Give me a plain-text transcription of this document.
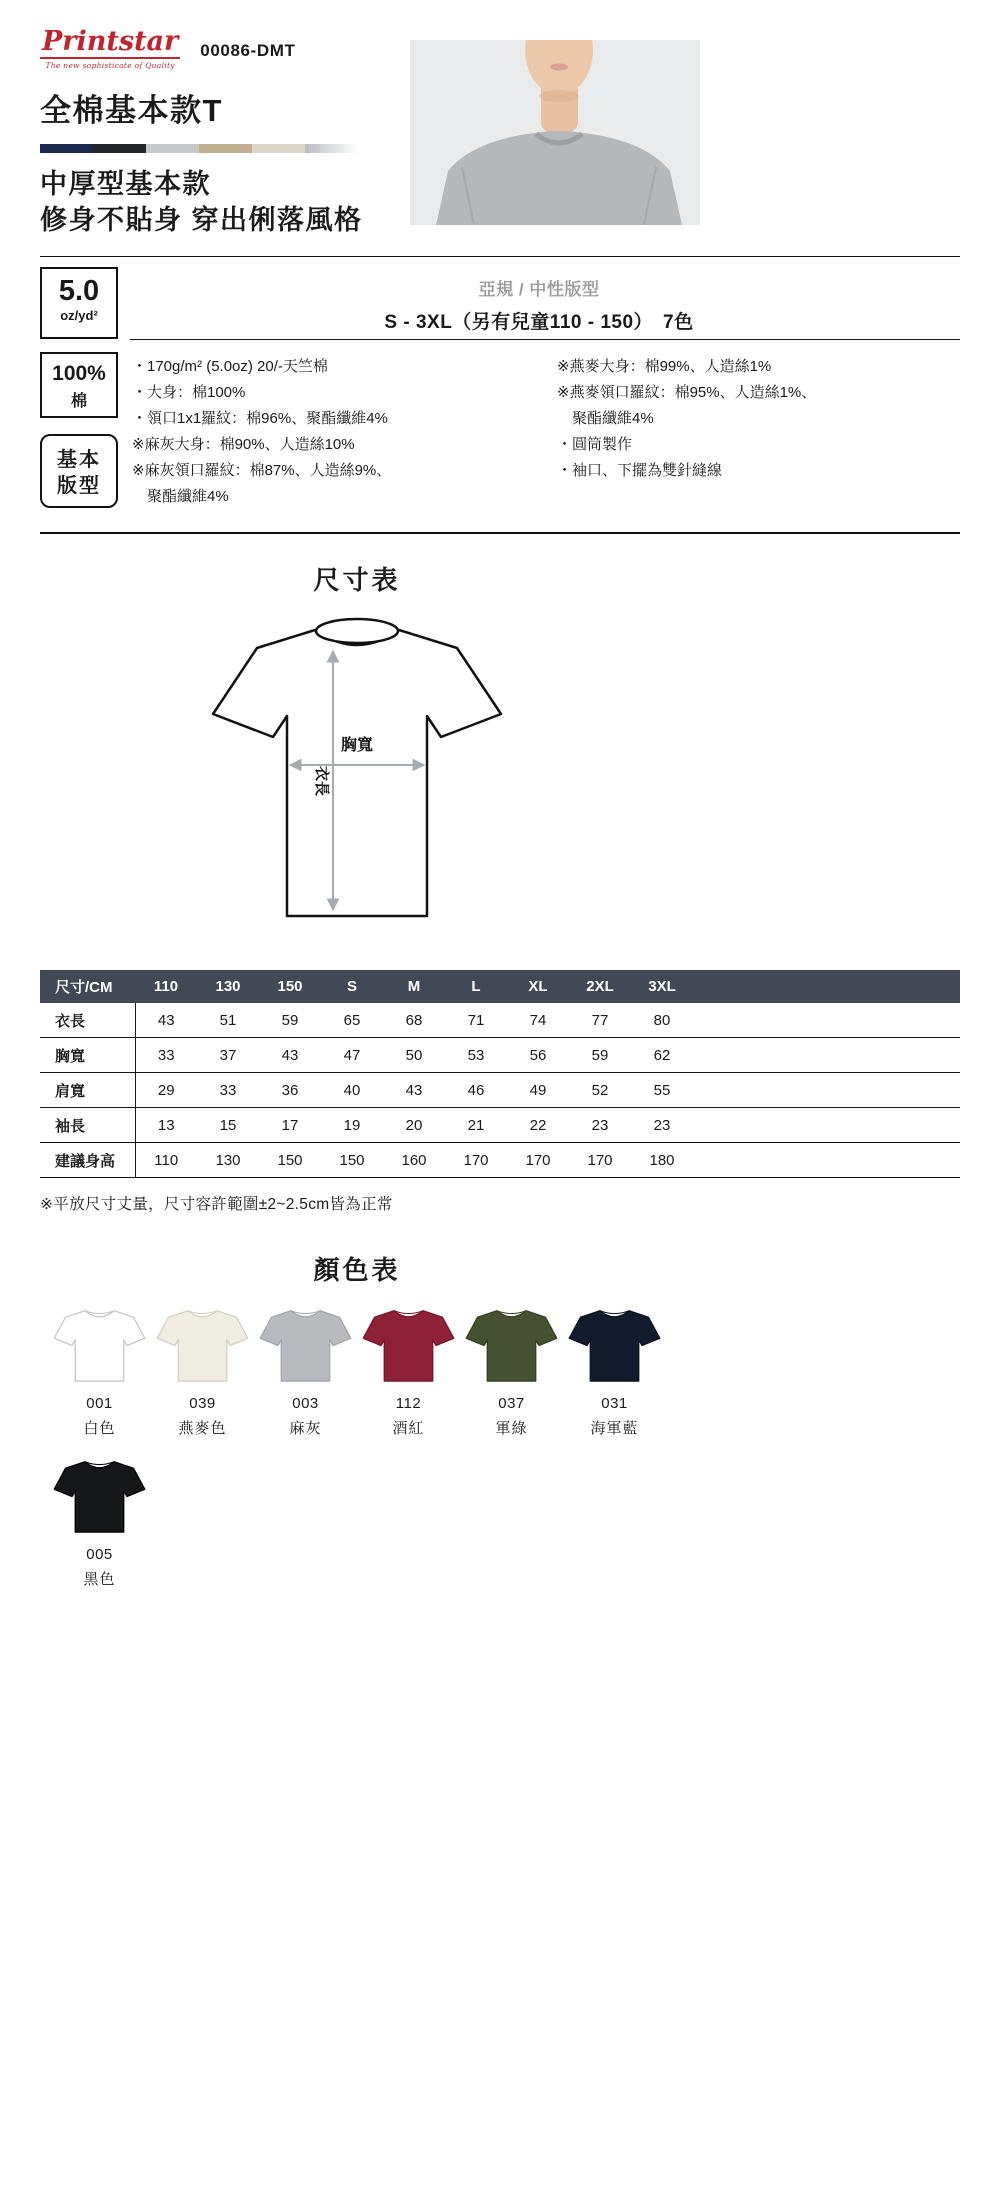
Printstar
The new sophisticate of Quality
00086-DMT
全棉基本款T
中厚型基本款
修身不貼身 穿出俐落風格
5.0
oz/yd²
亞規 / 中性版型
S - 3XL（另有兒童110 - 150）　7色
100%
棉
基本
版型
・170g/m² (5.0oz) 20/-天竺棉
・大身：棉100%
・領口1x1羅紋：棉96%、聚酯纖維4%
※麻灰大身：棉90%、人造絲10%
※麻灰領口羅紋：棉87%、人造絲9%、
　聚酯纖維4%
※燕麥大身：棉99%、人造絲1%
※燕麥領口羅紋：棉95%、人造絲1%、
　聚酯纖維4%
・圓筒製作
・袖口、下擺為雙針縫線
尺寸表
胸寬
衣長
尺寸/CM	110	130	150	S	M	L	XL	2XL	3XL	
衣長	43	51	59	65	68	71	74	77	80	
胸寬	33	37	43	47	50	53	56	59	62	
肩寬	29	33	36	40	43	46	49	52	55	
袖長	13	15	17	19	20	21	22	23	23	
建議身高	110	130	150	150	160	170	170	170	180	

※平放尺寸丈量，尺寸容許範圍±2~2.5cm皆為正常

顏色表
001
白色
039
燕麥色
003
麻灰
112
酒紅
037
軍綠
031
海軍藍
005
黑色
